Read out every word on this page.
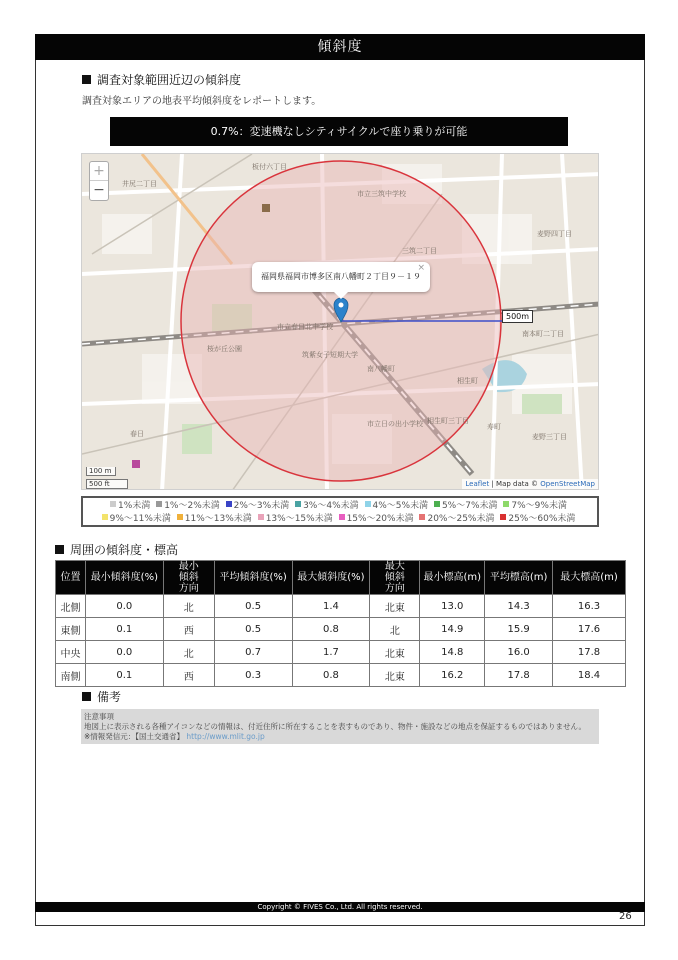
傾斜度
調査対象範囲近辺の傾斜度
調査対象エリアの地表平均傾斜度をレポートします。
0.7%：変速機なしシティサイクルで座り乗りが可能
井尻二丁目
市立三筑中学校
三筑二丁目
麦野四丁目
市立春日北中学校
筑紫女子短期大学
南八幡町
相生町
南本町二丁目
市立日の出小学校
麦野三丁目
桜が丘公園
春日
板付六丁目
寿町
相生町三丁目
+
−
福岡県福岡市博多区南八幡町２丁目９－１９
×
500m
100 m
500 ft	Leaflet | Map data © OpenStreetMap
1%未満 1%～2%未満 2%～3%未満 3%～4%未満 4%～5%未満 5%～7%未満 7%～9%未満 9%～11%未満 11%～13%未満 13%～15%未満 15%～20%未満 20%～25%未満 25%～60%未満
周囲の傾斜度・標高
位置	最小傾斜度(%)	最小傾斜方向	平均傾斜度(%)	最大傾斜度(%)	最大傾斜方向	最小標高(m)	平均標高(m)	最大標高(m)
北側	0.0	北	0.5	1.4	北東	13.0	14.3	16.3
東側	0.1	西	0.5	0.8	北	14.9	15.9	17.6
中央	0.0	北	0.7	1.7	北東	14.8	16.0	17.8
南側	0.1	西	0.3	0.8	北東	16.2	17.8	18.4
備考
注意事項
地図上に表示される各種アイコンなどの情報は、付近住所に所在することを表すものであり、物件・施設などの地点を保証するものではありません。
※情報発信元：【国土交通省】 http://www.mlit.go.jp
Copyright © FIVES Co., Ltd. All rights reserved.
26
